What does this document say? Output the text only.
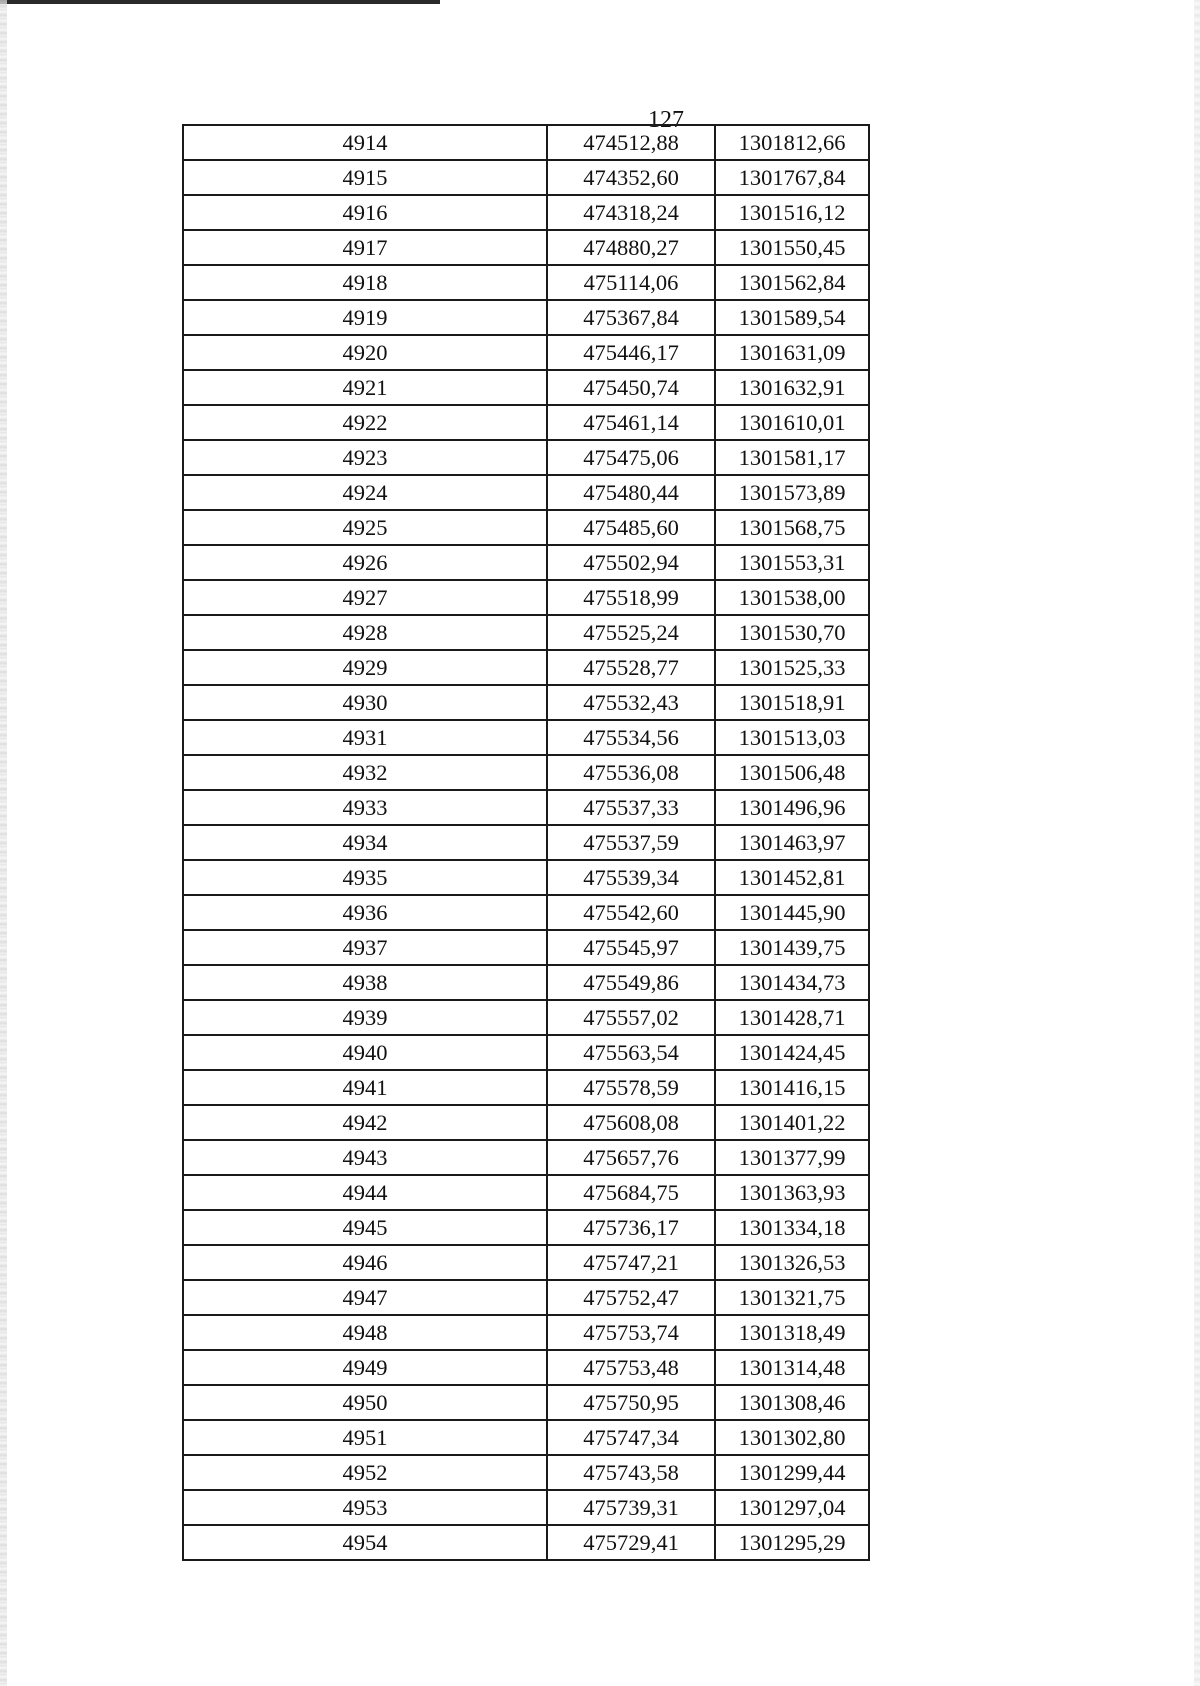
127
4914	474512,88	1301812,66
4915	474352,60	1301767,84
4916	474318,24	1301516,12
4917	474880,27	1301550,45
4918	475114,06	1301562,84
4919	475367,84	1301589,54
4920	475446,17	1301631,09
4921	475450,74	1301632,91
4922	475461,14	1301610,01
4923	475475,06	1301581,17
4924	475480,44	1301573,89
4925	475485,60	1301568,75
4926	475502,94	1301553,31
4927	475518,99	1301538,00
4928	475525,24	1301530,70
4929	475528,77	1301525,33
4930	475532,43	1301518,91
4931	475534,56	1301513,03
4932	475536,08	1301506,48
4933	475537,33	1301496,96
4934	475537,59	1301463,97
4935	475539,34	1301452,81
4936	475542,60	1301445,90
4937	475545,97	1301439,75
4938	475549,86	1301434,73
4939	475557,02	1301428,71
4940	475563,54	1301424,45
4941	475578,59	1301416,15
4942	475608,08	1301401,22
4943	475657,76	1301377,99
4944	475684,75	1301363,93
4945	475736,17	1301334,18
4946	475747,21	1301326,53
4947	475752,47	1301321,75
4948	475753,74	1301318,49
4949	475753,48	1301314,48
4950	475750,95	1301308,46
4951	475747,34	1301302,80
4952	475743,58	1301299,44
4953	475739,31	1301297,04
4954	475729,41	1301295,29
